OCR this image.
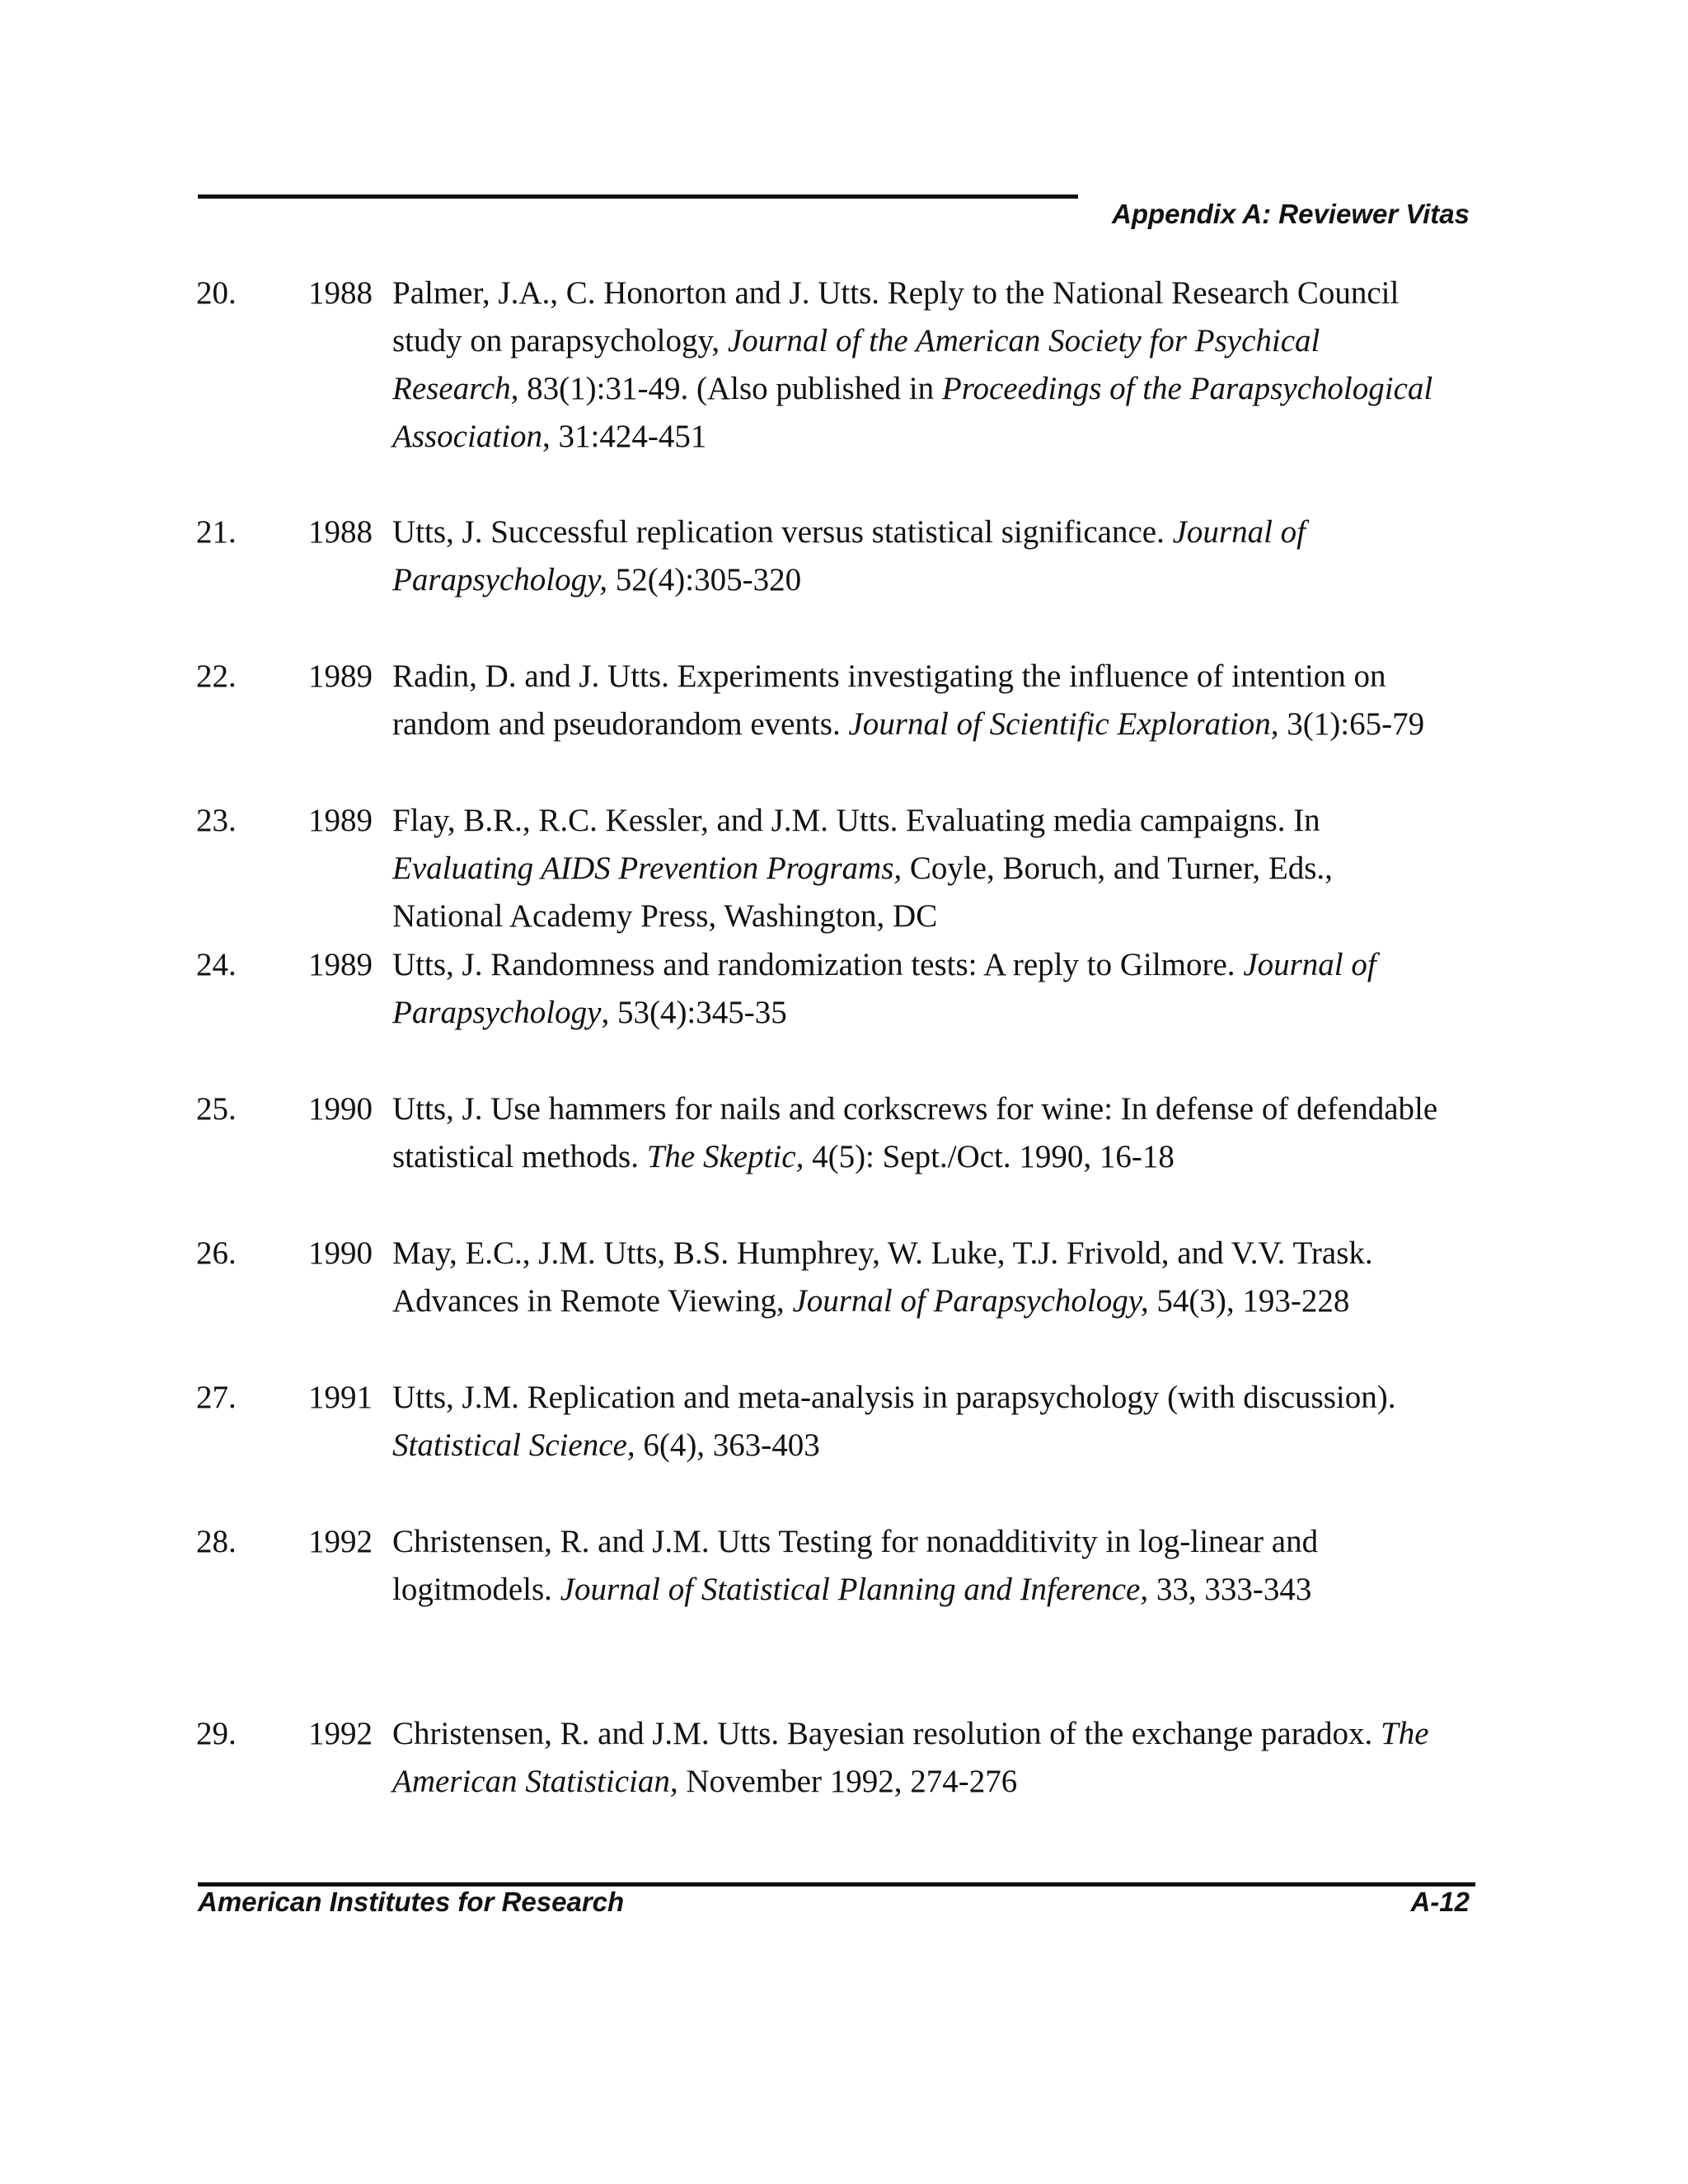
Appendix A: Reviewer Vitas
20. 1988 Palmer, J.A., C. Honorton and J. Utts. Reply to the National Research Council
study on parapsychology, Journal of the American Society for Psychical
Research, 83(1):31-49. (Also published in Proceedings of the Parapsychological
Association, 31:424-451
21. 1988 Utts, J. Successful replication versus statistical significance. Journal of
Parapsychology, 52(4):305-320
22. 1989 Radin, D. and J. Utts. Experiments investigating the influence of intention on
random and pseudorandom events. Journal of Scientific Exploration, 3(1):65-79
23. 1989 Flay, B.R., R.C. Kessler, and J.M. Utts. Evaluating media campaigns. In
Evaluating AIDS Prevention Programs, Coyle, Boruch, and Turner, Eds.,
National Academy Press, Washington, DC
24. 1989 Utts, J. Randomness and randomization tests: A reply to Gilmore. Journal of
Parapsychology, 53(4):345-35
25. 1990 Utts, J. Use hammers for nails and corkscrews for wine: In defense of defendable
statistical methods. The Skeptic, 4(5): Sept./Oct. 1990, 16-18
26. 1990 May, E.C., J.M. Utts, B.S. Humphrey, W. Luke, T.J. Frivold, and V.V. Trask.
Advances in Remote Viewing, Journal of Parapsychology, 54(3), 193-228
27. 1991 Utts, J.M. Replication and meta-analysis in parapsychology (with discussion).
Statistical Science, 6(4), 363-403
28. 1992 Christensen, R. and J.M. Utts Testing for nonadditivity in log-linear and
logitmodels. Journal of Statistical Planning and Inference, 33, 333-343
29. 1992 Christensen, R. and J.M. Utts. Bayesian resolution of the exchange paradox. The
American Statistician, November 1992, 274-276
American Institutes for Research	A-12
